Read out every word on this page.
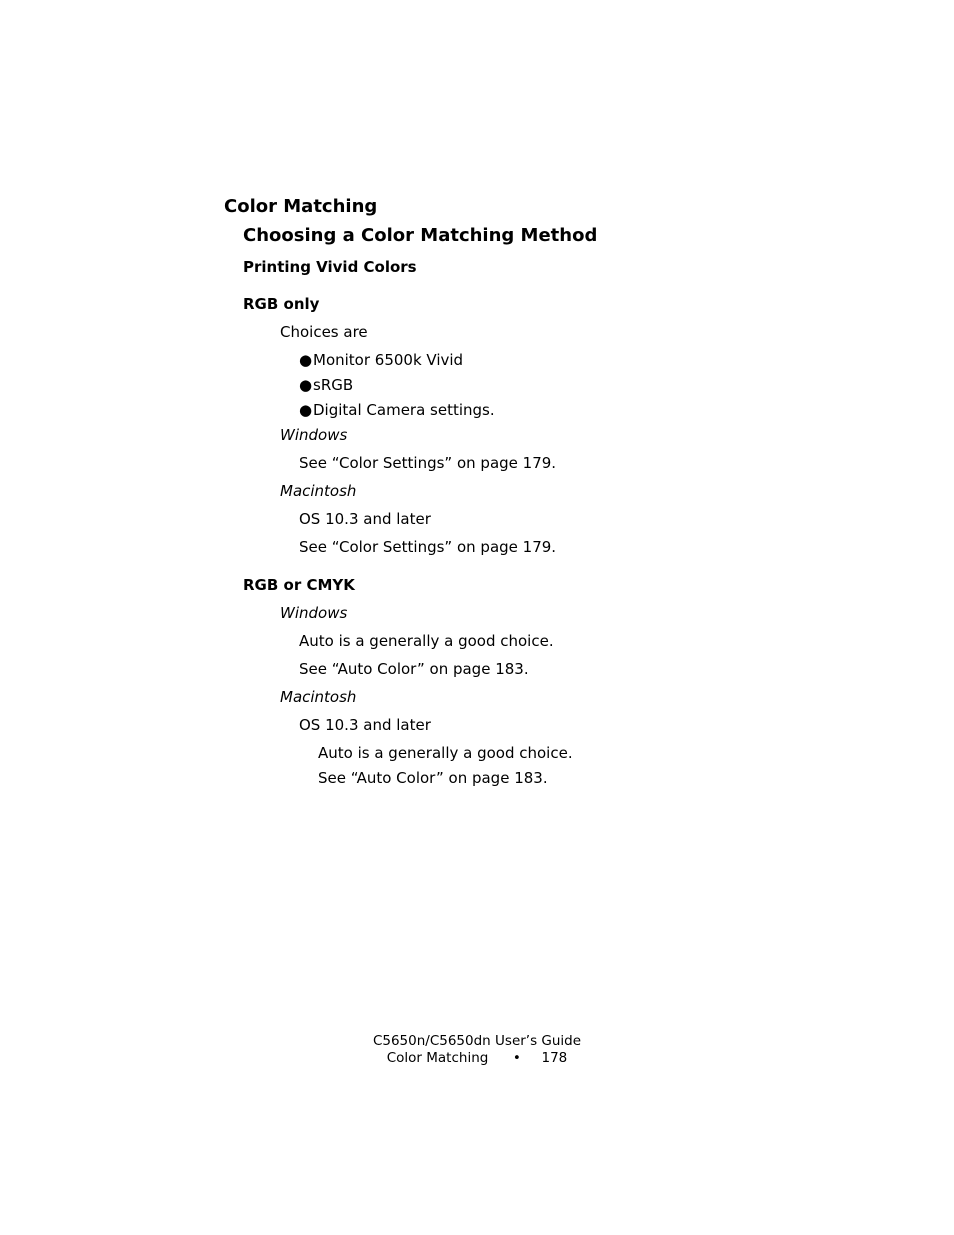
Color Matching
Choosing a Color Matching Method
Printing Vivid Colors
RGB only
Choices are
●Monitor 6500k Vivid
●sRGB
●Digital Camera settings.
Windows
See “Color Settings” on page 179.
Macintosh
OS 10.3 and later
See “Color Settings” on page 179.
RGB or CMYK
Windows
Auto is a generally a good choice.
See “Auto Color” on page 183.
Macintosh
OS 10.3 and later
Auto is a generally a good choice.
See “Auto Color” on page 183.
C5650n/C5650dn User’s Guide
Color Matching • 178
